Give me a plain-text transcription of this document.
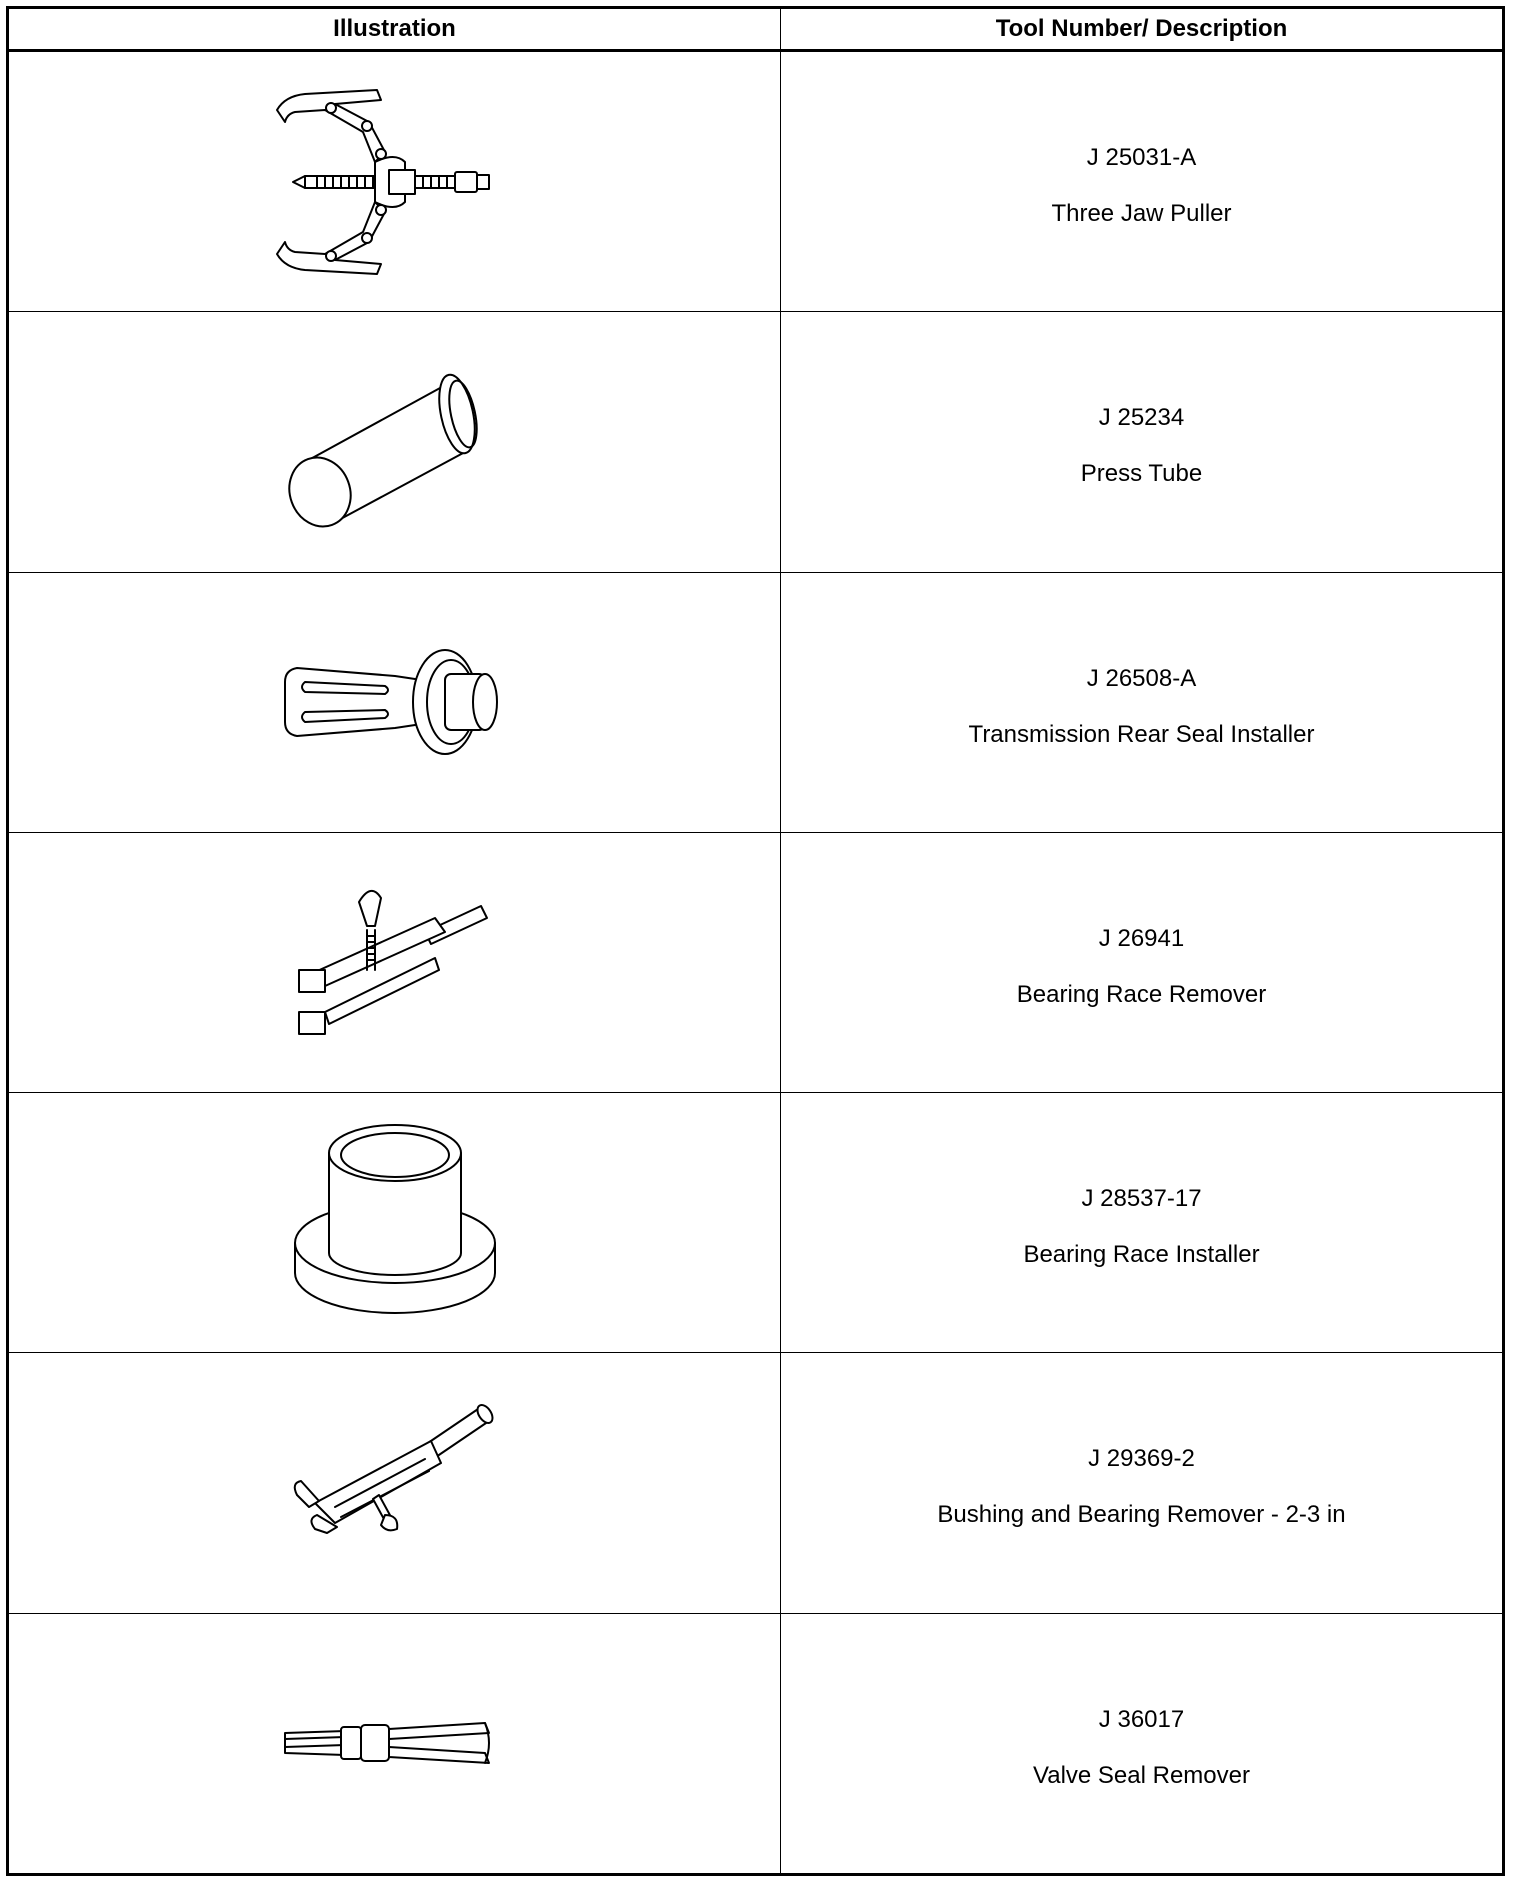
Illustration	Tool Number/ Description

J 25031-A
Three Jaw Puller

J 25234
Press Tube

J 26508-A
Transmission Rear Seal Installer

J 26941
Bearing Race Remover

J 28537-17
Bearing Race Installer

J 29369-2
Bushing and Bearing Remover - 2-3 in

J 36017
Valve Seal Remover
